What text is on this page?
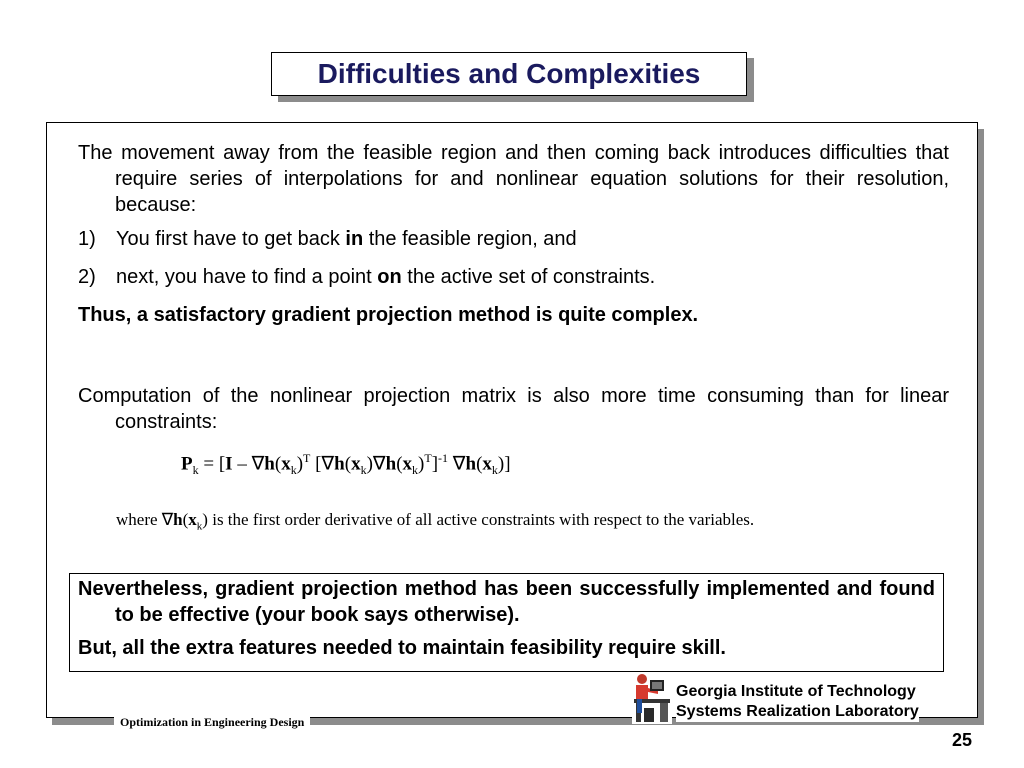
Difficulties and Complexities

The movement away from the feasible region and then coming back introduces difficulties that require series of interpolations for and nonlinear equation solutions for their resolution, because:

1)	You first have to get back in the feasible region, and

2)	next, you have to find a point on the active set of constraints.

Thus, a satisfactory gradient projection method is quite complex.

Computation of the nonlinear projection matrix is also more time consuming than for linear constraints:

$P_k = [I - \nabla h(x_k)^T$ $[\nabla h(x_k)\nabla h(x_k)^T]^{-1}$ $\nabla h(x_k)$]
where $\nabla h(x_k)$ is the first order derivative of all active constraints with respect to the variables.

Nevertheless, gradient projection method has been successfully implemented and found to be effective (your book says otherwise).

But, all the extra features needed to maintain feasibility require skill.

Optimization in Engineering Design
Georgia Institute of Technology
Systems Realization Laboratory
25
